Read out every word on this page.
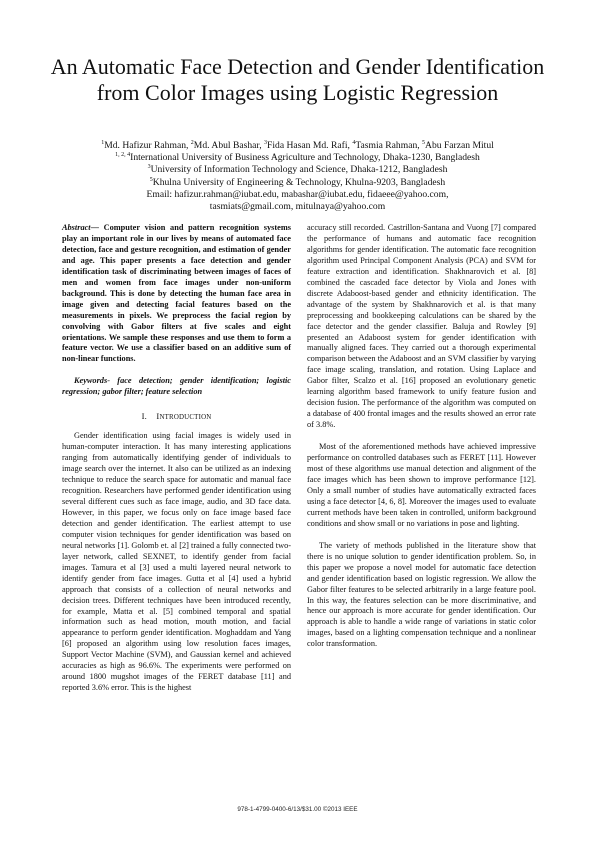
An Automatic Face Detection and Gender Identification from Color Images using Logistic Regression
$^1$Md. Hafizur Rahman, $^2$Md. Abul Bashar, $^3$Fida Hasan Md. Rafi, $^4$Tasmia Rahman, $^5$Abu Farzan Mitul
$^{1, 2, 4}$International University of Business Agriculture and Technology, Dhaka-1230, Bangladesh
$^3$University of Information Technology and Science, Dhaka-1212, Bangladesh
$^5$Khulna University of Engineering & Technology, Khulna-9203, Bangladesh
Email: hafizur.rahman@iubat.edu, mabashar@iubat.edu, fidaeee@yahoo.com,
tasmiats@gmail.com, mitulnaya@yahoo.com

Abstract— Computer vision and pattern recognition systems play an important role in our lives by means of automated face detection, face and gesture recognition, and estimation of gender and age. This paper presents a face detection and gender identification task of discriminating between images of faces of men and women from face images under non-uniform background. This is done by detecting the human face area in image given and detecting facial features based on the measurements in pixels. We preprocess the facial region by convolving with Gabor filters at five scales and eight orientations. We sample these responses and use them to form a feature vector. We use a classifier based on an additive sum of non-linear functions.

Keywords- face detection; gender identification; logistic regression; gabor filter; feature selection

I. INTRODUCTION

Gender identification using facial images is widely used in human-computer interaction. It has many interesting applications ranging from automatically identifying gender of individuals to image search over the internet. It also can be utilized as an indexing technique to reduce the search space for automatic and manual face recognition. Researchers have performed gender identification using several different cues such as face image, audio, and 3D face data. However, in this paper, we focus only on face image based face detection and gender identification. The earliest attempt to use computer vision techniques for gender identification was based on neural networks [1]. Golomb et. al [2] trained a fully connected two-layer network, called SEXNET, to identify gender from facial images. Tamura et al [3] used a multi layered neural network to identify gender from face images. Gutta et al [4] used a hybrid approach that consists of a collection of neural networks and decision trees. Different techniques have been introduced recently, for example, Matta et al. [5] combined temporal and spatial information such as head motion, mouth motion, and facial appearance to perform gender identification. Moghaddam and Yang [6] proposed an algorithm using low resolution faces images, Support Vector Machine (SVM), and Gaussian kernel and achieved accuracies as high as 96.6%. The experiments were performed on around 1800 mugshot images of the FERET database [11] and reported 3.6% error. This is the highest

accuracy still recorded. Castrillon-Santana and Vuong [7] compared the performance of humans and automatic face recognition algorithms for gender identification. The automatic face recognition algorithm used Principal Component Analysis (PCA) and SVM for feature extraction and identification. Shakhnarovich et al. [8] combined the cascaded face detector by Viola and Jones with discrete Adaboost-based gender and ethnicity identification. The advantage of the system by Shakhnarovich et al. is that many preprocessing and bookkeeping calculations can be shared by the face detector and the gender classifier. Baluja and Rowley [9] presented an Adaboost system for gender identification with manually aligned faces. They carried out a thorough experimental comparison between the Adaboost and an SVM classifier by varying face image scaling, translation, and rotation. Using Laplace and Gabor filter, Scalzo et al. [16] proposed an evolutionary genetic learning algorithm based framework to unify feature fusion and decision fusion. The performance of the algorithm was computed on a database of 400 frontal images and the results showed an error rate of 3.8%.

Most of the aforementioned methods have achieved impressive performance on controlled databases such as FERET [11]. However most of these algorithms use manual detection and alignment of the face images which has been shown to improve performance [12]. Only a small number of studies have automatically extracted faces using a face detector [4, 6, 8]. Moreover the images used to evaluate current methods have been taken in controlled, uniform background conditions and show small or no variations in pose and lighting.

The variety of methods published in the literature show that there is no unique solution to gender identification problem. So, in this paper we propose a novel model for automatic face detection and gender identification based on logistic regression. We allow the Gabor filter features to be selected arbitrarily in a large feature pool. In this way, the features selection can be more discriminative, and hence our approach is more accurate for gender identification. Our approach is able to handle a wide range of variations in static color images, based on a lighting compensation technique and a nonlinear color transformation.

978-1-4799-0400-6/13/$31.00 ©2013 IEEE
